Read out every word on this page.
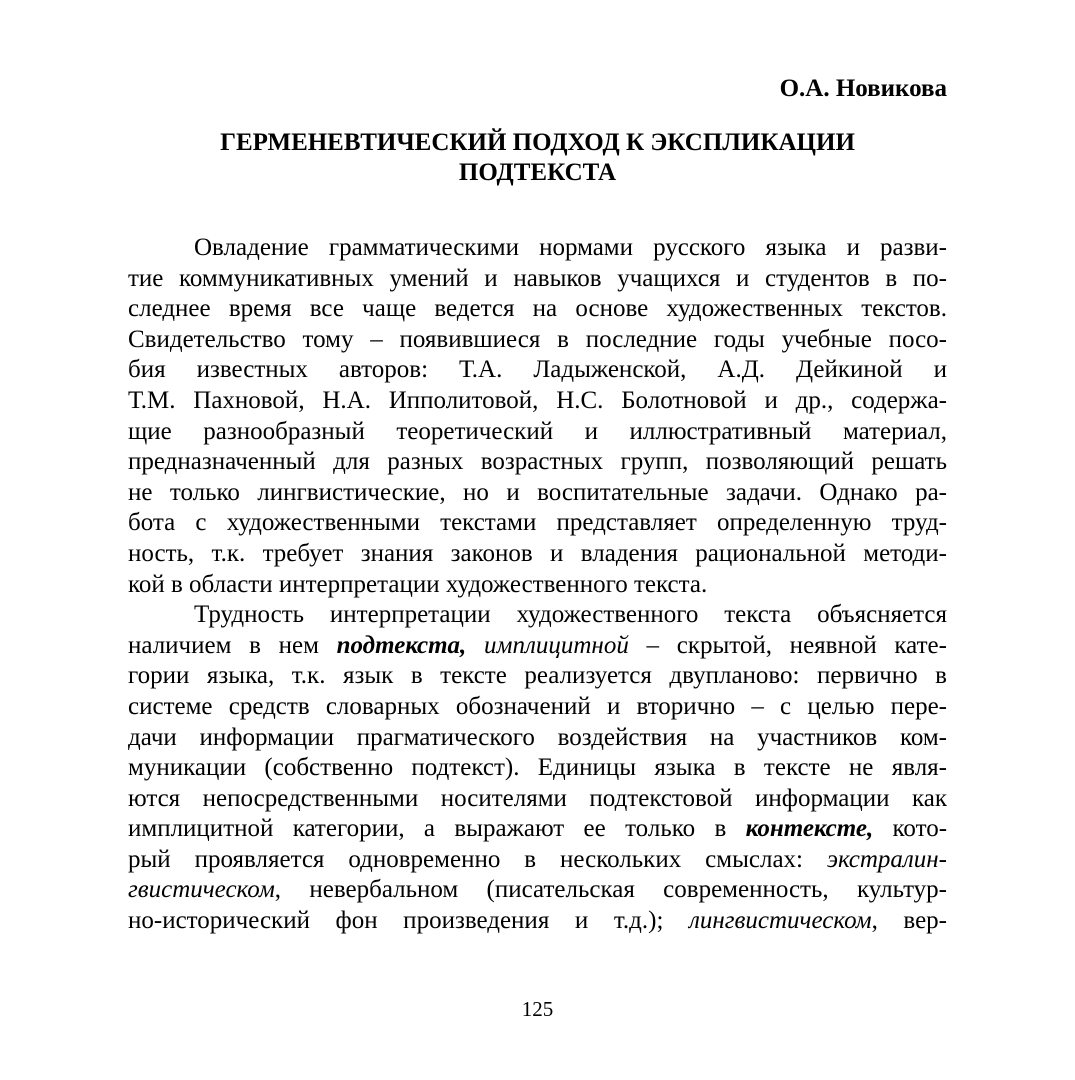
О.А. Новикова
ГЕРМЕНЕВТИЧЕСКИЙ ПОДХОД К ЭКСПЛИКАЦИИ
ПОДТЕКСТА
Овладение грамматическими нормами русского языка и разви-
тие коммуникативных умений и навыков учащихся и студентов в по-
следнее время все чаще ведется на основе художественных текстов.
Свидетельство тому – появившиеся в последние годы учебные посо-
бия известных авторов: Т.А. Ладыженской, А.Д. Дейкиной и
Т.М. Пахновой, Н.А. Ипполитовой, Н.С. Болотновой и др., содержа-
щие разнообразный теоретический и иллюстративный материал,
предназначенный для разных возрастных групп, позволяющий решать
не только лингвистические, но и воспитательные задачи. Однако ра-
бота с художественными текстами представляет определенную труд-
ность, т.к. требует знания законов и владения рациональной методи-
кой в области интерпретации художественного текста.
Трудность интерпретации художественного текста объясняется
наличием в нем подтекста, имплицитной – скрытой, неявной кате-
гории языка, т.к. язык в тексте реализуется двупланово: первично в
системе средств словарных обозначений и вторично – с целью пере-
дачи информации прагматического воздействия на участников ком-
муникации (собственно подтекст). Единицы языка в тексте не явля-
ются непосредственными носителями подтекстовой информации как
имплицитной категории, а выражают ее только в контексте, кото-
рый проявляется одновременно в нескольких смыслах: экстралин-
гвистическом, невербальном (писательская современность, культур-
но-исторический фон произведения и т.д.); лингвистическом, вер-
125
